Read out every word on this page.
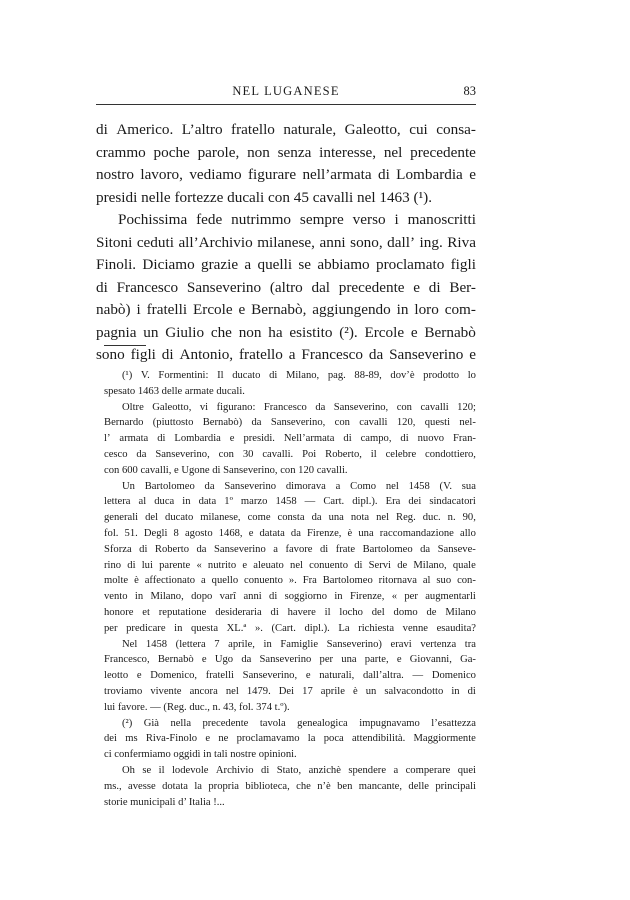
NEL LUGANESE	83
di Americo. L’altro fratello naturale, Galeotto, cui consa-
crammo poche parole, non senza interesse, nel precedente
nostro lavoro, vediamo figurare nell’armata di Lombardia e
presidi nelle fortezze ducali con 45 cavalli nel 1463 (¹).
Pochissima fede nutrimmo sempre verso i manoscritti
Sitoni ceduti all’Archivio milanese, anni sono, dall’ ing. Riva
Finoli. Diciamo grazie a quelli se abbiamo proclamato figli
di Francesco Sanseverino (altro dal precedente e di Ber-
nabò) i fratelli Ercole e Bernabò, aggiungendo in loro com-
pagnia un Giulio che non ha esistito (²). Ercole e Bernabò
sono figli di Antonio, fratello a Francesco da Sanseverino e
(¹) V. Formentini: Il ducato di Milano, pag. 88-89, dov’è prodotto lo
spesato 1463 delle armate ducali.
Oltre Galeotto, vi figurano: Francesco da Sanseverino, con cavalli 120;
Bernardo (piuttosto Bernabò) da Sanseverino, con cavalli 120, questi nel-
l’ armata di Lombardia e presidi. Nell’armata di campo, di nuovo Fran-
cesco da Sanseverino, con 30 cavalli. Poi Roberto, il celebre condottiero,
con 600 cavalli, e Ugone di Sanseverino, con 120 cavalli.
Un Bartolomeo da Sanseverino dimorava a Como nel 1458 (V. sua
lettera al duca in data 1º marzo 1458 — Cart. dipl.). Era dei sindacatori
generali del ducato milanese, come consta da una nota nel Reg. duc. n. 90,
fol. 51. Degli 8 agosto 1468, e datata da Firenze, è una raccomandazione allo
Sforza di Roberto da Sanseverino a favore di frate Bartolomeo da Sanseve-
rino di lui parente « nutrito e aleuato nel conuento di Servi de Milano, quale
molte è affectionato a quello conuento ». Fra Bartolomeo ritornava al suo con-
vento in Milano, dopo varî anni di soggiorno in Firenze, « per augmentarli
honore et reputatione desideraria di havere il locho del domo de Milano
per predicare in questa XL.ª ». (Cart. dipl.). La richiesta venne esaudita?
Nel 1458 (lettera 7 aprile, in Famiglie Sanseverino) eravi vertenza tra
Francesco, Bernabò e Ugo da Sanseverino per una parte, e Giovanni, Ga-
leotto e Domenico, fratelli Sanseverino, e naturali, dall’altra. — Domenico
troviamo vivente ancora nel 1479. Dei 17 aprile è un salvacondotto in di
lui favore. — (Reg. duc., n. 43, fol. 374 t.º).
(²) Già nella precedente tavola genealogica impugnavamo l’esattezza
dei ms Riva-Finolo e ne proclamavamo la poca attendibilità. Maggiormente
ci confermiamo oggidì in tali nostre opinioni.
Oh se il lodevole Archivio di Stato, anzichè spendere a comperare quei
ms., avesse dotata la propria biblioteca, che n’è ben mancante, delle principali
storie municipali d’ Italia !...
